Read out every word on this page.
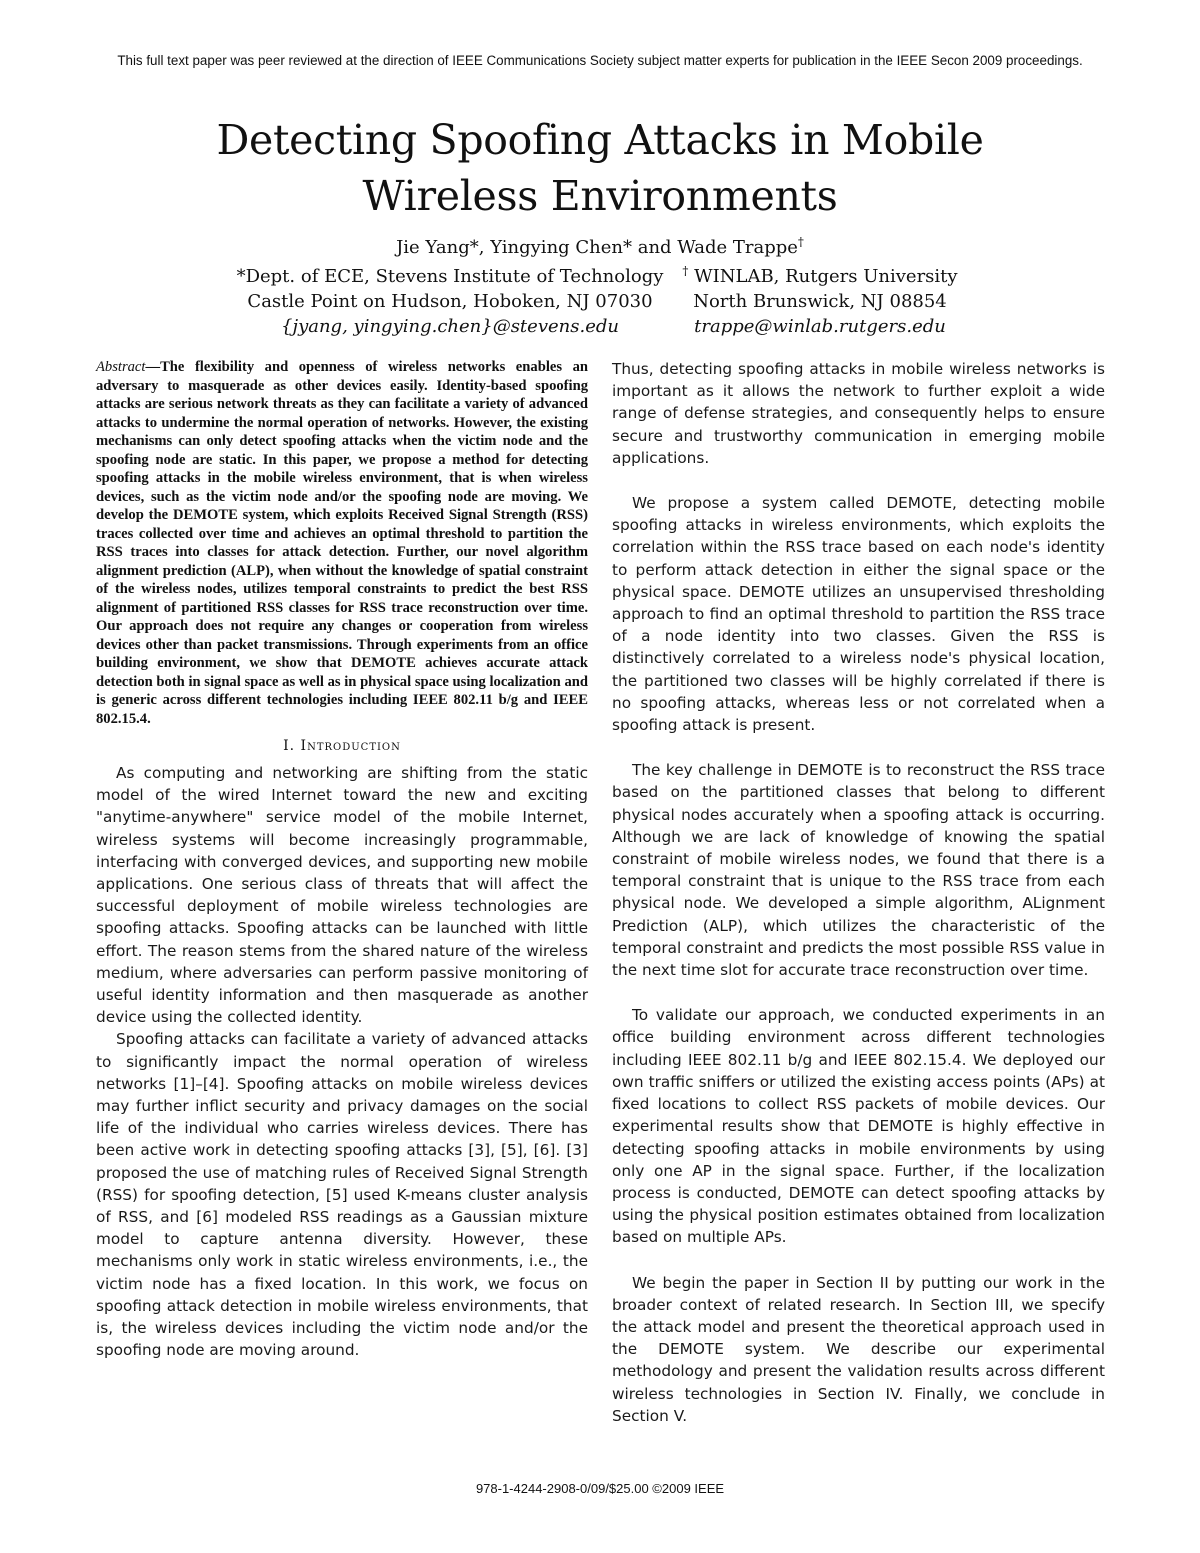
This full text paper was peer reviewed at the direction of IEEE Communications Society subject matter experts for publication in the IEEE Secon 2009 proceedings.
Detecting Spoofing Attacks in Mobile
Wireless Environments
Jie Yang*, Yingying Chen* and Wade Trappe†
*Dept. of ECE, Stevens Institute of Technology
Castle Point on Hudson, Hoboken, NJ 07030
{jyang, yingying.chen}@stevens.edu
† WINLAB, Rutgers University
North Brunswick, NJ 08854
trappe@winlab.rutgers.edu

Abstract—The flexibility and openness of wireless networks enables an adversary to masquerade as other devices easily. Identity-based spoofing attacks are serious network threats as they can facilitate a variety of advanced attacks to undermine the normal operation of networks. However, the existing mechanisms can only detect spoofing attacks when the victim node and the spoofing node are static. In this paper, we propose a method for detecting spoofing attacks in the mobile wireless environment, that is when wireless devices, such as the victim node and/or the spoofing node are moving. We develop the DEMOTE system, which exploits Received Signal Strength (RSS) traces collected over time and achieves an optimal threshold to partition the RSS traces into classes for attack detection. Further, our novel algorithm alignment prediction (ALP), when without the knowledge of spatial constraint of the wireless nodes, utilizes temporal constraints to predict the best RSS alignment of partitioned RSS classes for RSS trace reconstruction over time. Our approach does not require any changes or cooperation from wireless devices other than packet transmissions. Through experiments from an office building environment, we show that DEMOTE achieves accurate attack detection both in signal space as well as in physical space using localization and is generic across different technologies including IEEE 802.11 b/g and IEEE 802.15.4.

I. Introduction

As computing and networking are shifting from the static model of the wired Internet toward the new and exciting "anytime-anywhere" service model of the mobile Internet, wireless systems will become increasingly programmable, interfacing with converged devices, and supporting new mobile applications. One serious class of threats that will affect the successful deployment of mobile wireless technologies are spoofing attacks. Spoofing attacks can be launched with little effort. The reason stems from the shared nature of the wireless medium, where adversaries can perform passive monitoring of useful identity information and then masquerade as another device using the collected identity.

Spoofing attacks can facilitate a variety of advanced attacks to significantly impact the normal operation of wireless networks [1]–[4]. Spoofing attacks on mobile wireless devices may further inflict security and privacy damages on the social life of the individual who carries wireless devices. There has been active work in detecting spoofing attacks [3], [5], [6]. [3] proposed the use of matching rules of Received Signal Strength (RSS) for spoofing detection, [5] used K-means cluster analysis of RSS, and [6] modeled RSS readings as a Gaussian mixture model to capture antenna diversity. However, these mechanisms only work in static wireless environments, i.e., the victim node has a fixed location. In this work, we focus on spoofing attack detection in mobile wireless environments, that is, the wireless devices including the victim node and/or the spoofing node are moving around.

Thus, detecting spoofing attacks in mobile wireless networks is important as it allows the network to further exploit a wide range of defense strategies, and consequently helps to ensure secure and trustworthy communication in emerging mobile applications.

We propose a system called DEMOTE, detecting mobile spoofing attacks in wireless environments, which exploits the correlation within the RSS trace based on each node's identity to perform attack detection in either the signal space or the physical space. DEMOTE utilizes an unsupervised thresholding approach to find an optimal threshold to partition the RSS trace of a node identity into two classes. Given the RSS is distinctively correlated to a wireless node's physical location, the partitioned two classes will be highly correlated if there is no spoofing attacks, whereas less or not correlated when a spoofing attack is present.

The key challenge in DEMOTE is to reconstruct the RSS trace based on the partitioned classes that belong to different physical nodes accurately when a spoofing attack is occurring. Although we are lack of knowledge of knowing the spatial constraint of mobile wireless nodes, we found that there is a temporal constraint that is unique to the RSS trace from each physical node. We developed a simple algorithm, ALignment Prediction (ALP), which utilizes the characteristic of the temporal constraint and predicts the most possible RSS value in the next time slot for accurate trace reconstruction over time.

To validate our approach, we conducted experiments in an office building environment across different technologies including IEEE 802.11 b/g and IEEE 802.15.4. We deployed our own traffic sniffers or utilized the existing access points (APs) at fixed locations to collect RSS packets of mobile devices. Our experimental results show that DEMOTE is highly effective in detecting spoofing attacks in mobile environments by using only one AP in the signal space. Further, if the localization process is conducted, DEMOTE can detect spoofing attacks by using the physical position estimates obtained from localization based on multiple APs.

We begin the paper in Section II by putting our work in the broader context of related research. In Section III, we specify the attack model and present the theoretical approach used in the DEMOTE system. We describe our experimental methodology and present the validation results across different wireless technologies in Section IV. Finally, we conclude in Section V.

978-1-4244-2908-0/09/$25.00 ©2009 IEEE
